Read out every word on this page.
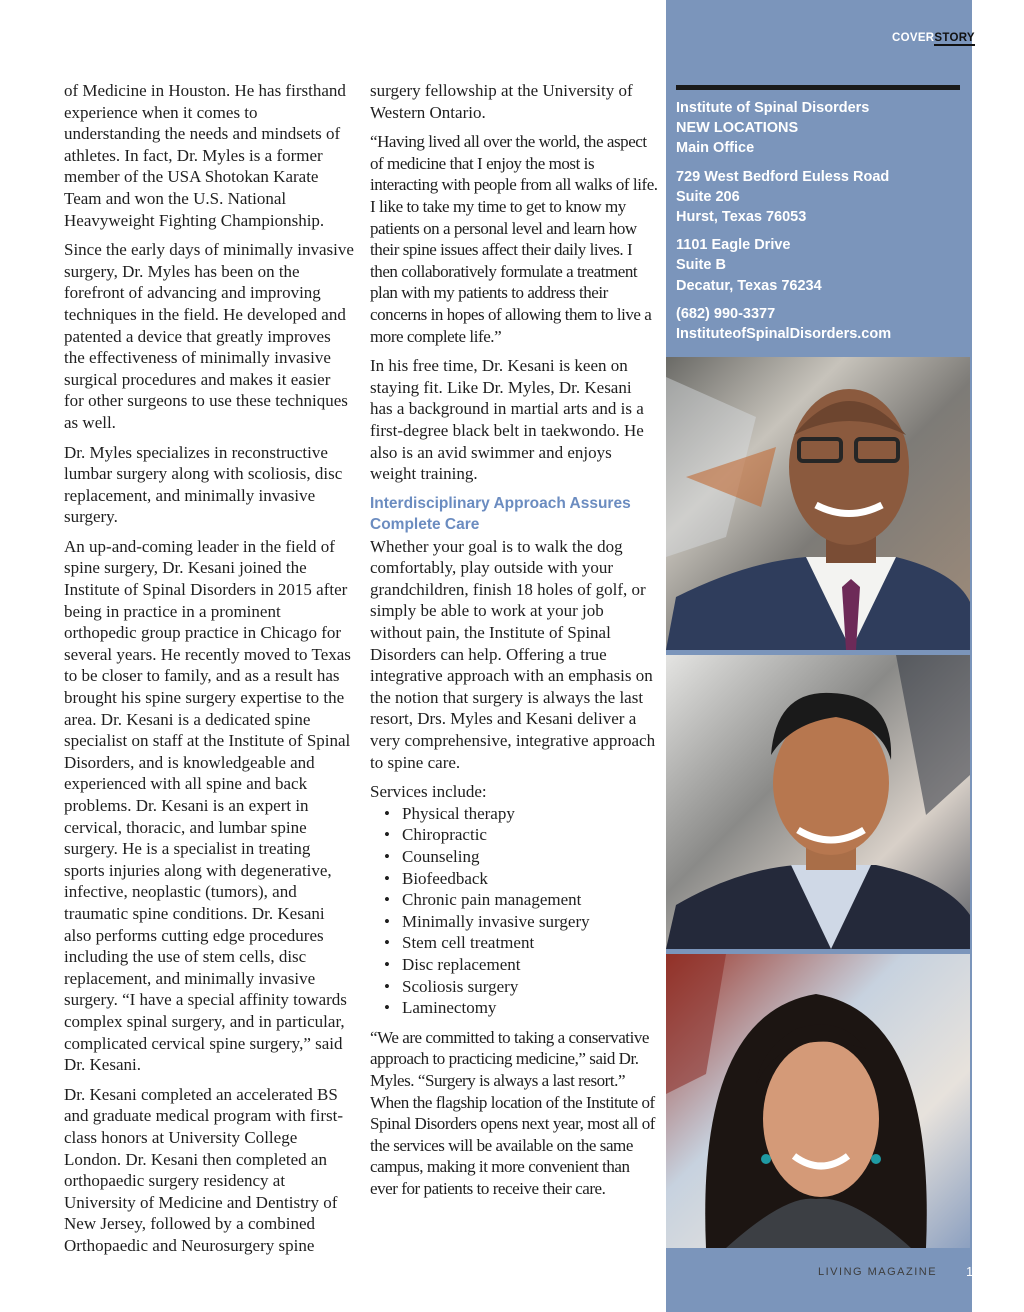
of Medicine in Houston. He has firsthand experience when it comes to understanding the needs and mindsets of athletes. In fact, Dr. Myles is a former member of the USA Shotokan Karate Team and won the U.S. National Heavyweight Fighting Championship.

Since the early days of minimally invasive surgery, Dr. Myles has been on the forefront of advancing and improving techniques in the field. He developed and patented a device that greatly improves the effectiveness of minimally invasive surgical procedures and makes it easier for other surgeons to use these techniques as well.

Dr. Myles specializes in reconstructive lumbar surgery along with scoliosis, disc replacement, and minimally invasive surgery.

An up-and-coming leader in the field of spine surgery, Dr. Kesani joined the Institute of Spinal Disorders in 2015 after being in practice in a prominent orthopedic group practice in Chicago for several years. He recently moved to Texas to be closer to family, and as a result has brought his spine surgery expertise to the area. Dr. Kesani is a dedicated spine specialist on staff at the Institute of Spinal Disorders, and is knowledgeable and experienced with all spine and back problems. Dr. Kesani is an expert in cervical, thoracic, and lumbar spine surgery. He is a specialist in treating sports injuries along with degenerative, infective, neoplastic (tumors), and traumatic spine conditions. Dr. Kesani also performs cutting edge procedures including the use of stem cells, disc replacement, and minimally invasive surgery. “I have a special affinity towards complex spinal surgery, and in particular, complicated cervical spine surgery,” said Dr. Kesani.

Dr. Kesani completed an accelerated BS and graduate medical program with first-class honors at University College London. Dr. Kesani then completed an orthopaedic surgery residency at University of Medicine and Dentistry of New Jersey, followed by a combined Orthopaedic and Neurosurgery spine

surgery fellowship at the University of Western Ontario.

“Having lived all over the world, the aspect of medicine that I enjoy the most is interacting with people from all walks of life. I like to take my time to get to know my patients on a personal level and learn how their spine issues affect their daily lives. I then collaboratively formulate a treatment plan with my patients to address their concerns in hopes of allowing them to live a more complete life.”

In his free time, Dr. Kesani is keen on staying fit. Like Dr. Myles, Dr. Kesani has a background in martial arts and is a first-degree black belt in taekwondo. He also is an avid swimmer and enjoys weight training.

Interdisciplinary Approach Assures Complete Care

Whether your goal is to walk the dog comfortably, play outside with your grandchildren, finish 18 holes of golf, or simply be able to work at your job without pain, the Institute of Spinal Disorders can help. Offering a true integrative approach with an emphasis on the notion that surgery is always the last resort, Drs. Myles and Kesani deliver a very comprehensive, integrative approach to spine care.

Services include:

• Physical therapy
• Chiropractic
• Counseling
• Biofeedback
• Chronic pain management
• Minimally invasive surgery
• Stem cell treatment
• Disc replacement
• Scoliosis surgery
• Laminectomy

“We are committed to taking a conservative approach to practicing medicine,” said Dr. Myles. “Surgery is always a last resort.” When the flagship location of the Institute of Spinal Disorders opens next year, most all of the services will be available on the same campus, making it more convenient than ever for patients to receive their care.

COVERSTORY

Institute of Spinal Disorders
NEW LOCATIONS
Main Office

729 West Bedford Euless Road
Suite 206
Hurst, Texas 76053

1101 Eagle Drive
Suite B
Decatur, Texas 76234

(682) 990-3377
InstituteofSpinalDisorders.com

LIVING MAGAZINE 19
